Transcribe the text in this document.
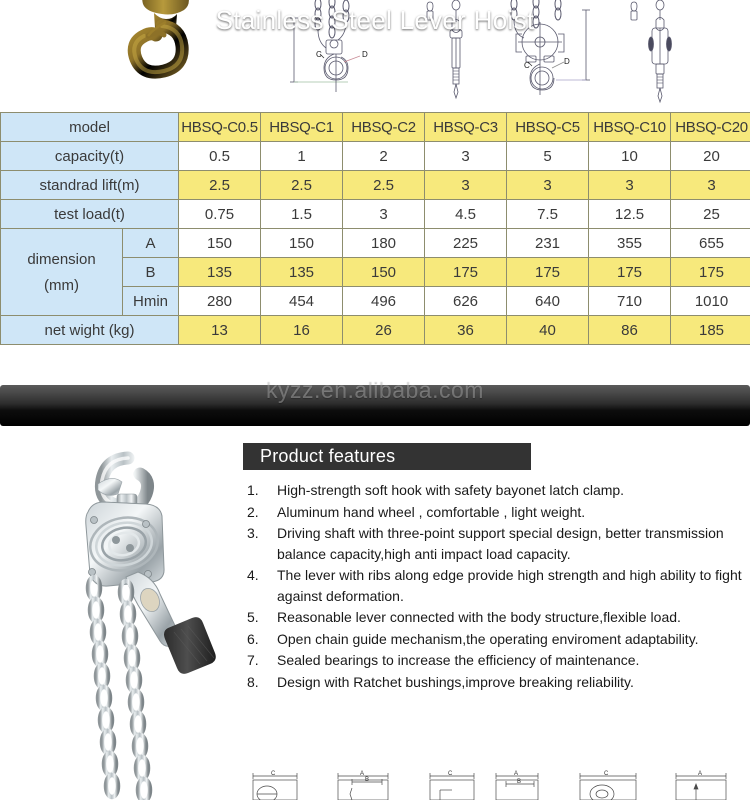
C	D
C	D
model		HBSQ-C0.5	HBSQ-C1	HBSQ-C2	HBSQ-C3	HBSQ-C5	HBSQ-C10	HBSQ-C20
capacity(t)		0.5	1	2	3	5	10	20
standrad lift(m)		2.5	2.5	2.5	3	3	3	3
test load(t)		0.75	1.5	3	4.5	7.5	12.5	25

dimension
(mm)	A	150	150	180	225	231	355	655
	B	135	135	150	175	175	175	175
	Hmin	280	454	496	626	640	710	1010
net wight (kg)		13	16	26	36	40	86	185
Stainless Steel Lever Hoist
kyzz.en.alibaba.com
Product features
1.	High-strength soft hook with safety bayonet latch clamp.
2.	Aluminum hand wheel , comfortable , light weight.
3.	Driving shaft with three-point support special design, better transmission balance capacity,high anti impact load capacity.
4.	The lever with ribs along edge provide high strength and high ability to fight against deformation.
5.	Reasonable lever connected with the body structure,flexible load.
6.	Open chain guide mechanism,the operating enviroment adaptability.
7.	Sealed bearings to increase the efficiency of maintenance.
8.	Design with Ratchet bushings,improve breaking reliability.
C	A
B
C	A
B
C	A
